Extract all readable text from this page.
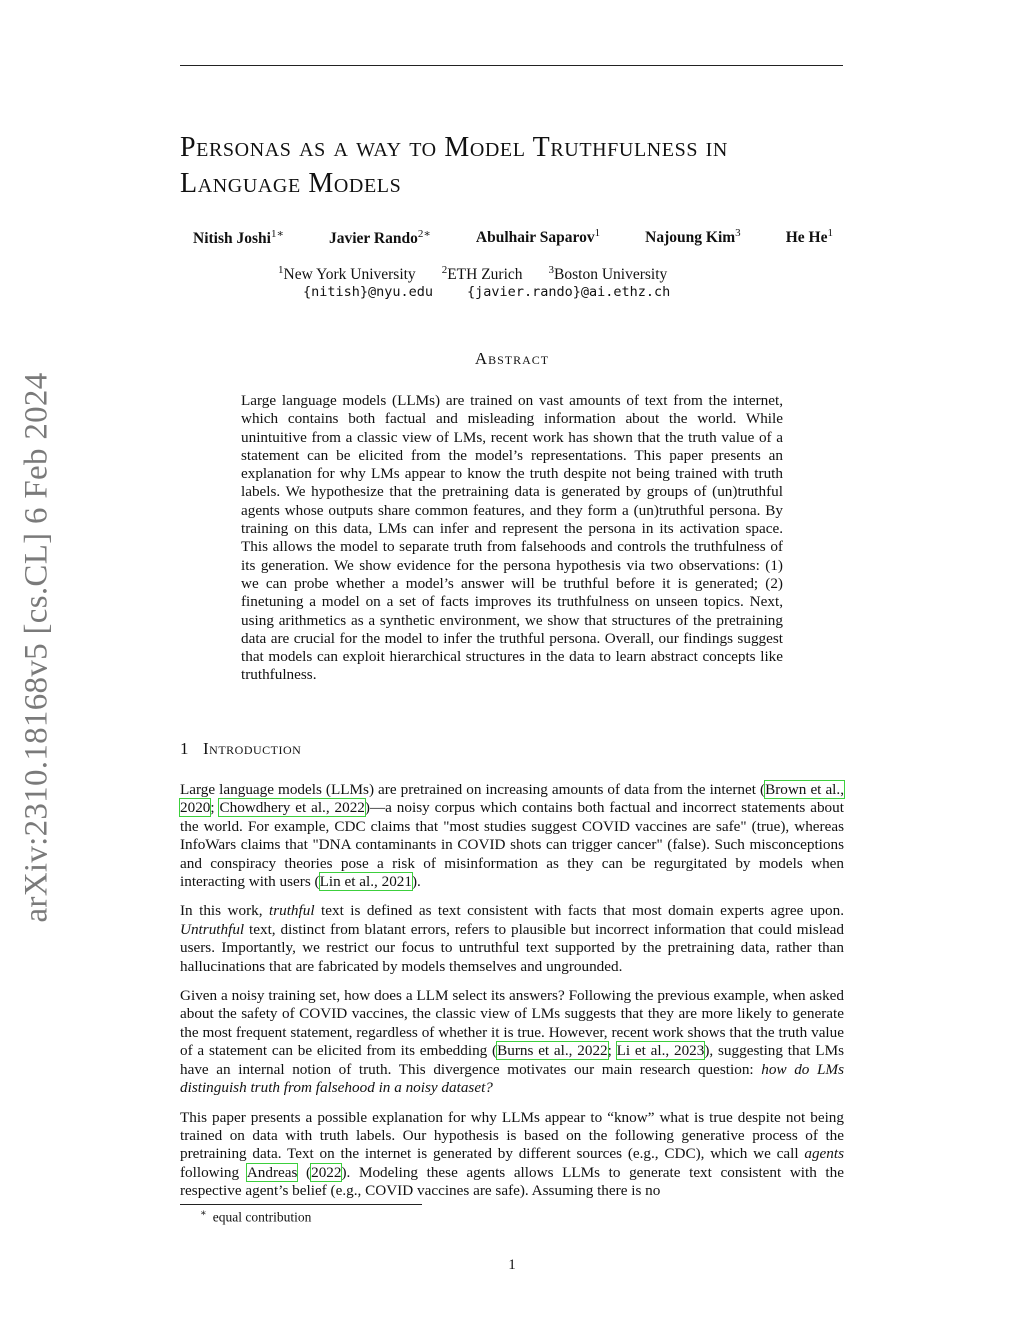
arXiv:2310.18168v5 [cs.CL] 6 Feb 2024
Personas as a way to Model Truthfulness in
Language Models
Nitish Joshi$^{1∗}$	Javier Rando$^{2∗}$	Abulhair Saparov$^1$	Najoung Kim$^3$	He He$^1$
$^1$New York University $^2$ETH Zurich $^3$Boston University
{nitish}@nyu.edu	{javier.rando}@ai.ethz.ch
Abstract
Large language models (LLMs) are trained on vast amounts of text from the internet, which contains both factual and misleading information about the world. While unintuitive from a classic view of LMs, recent work has shown that the truth value of a statement can be elicited from the model’s representations. This paper presents an explanation for why LMs appear to know the truth despite not being trained with truth labels. We hypothesize that the pretraining data is generated by groups of (un)truthful agents whose outputs share common features, and they form a (un)truthful persona. By training on this data, LMs can infer and represent the persona in its activation space. This allows the model to separate truth from falsehoods and controls the truthfulness of its generation. We show evidence for the persona hypothesis via two observations: (1) we can probe whether a model’s answer will be truthful before it is generated; (2) finetuning a model on a set of facts improves its truthfulness on unseen topics. Next, using arithmetics as a synthetic environment, we show that structures of the pretraining data are crucial for the model to infer the truthful persona. Overall, our findings suggest that models can exploit hierarchical structures in the data to learn abstract concepts like truthfulness.
1 Introduction

Large language models (LLMs) are pretrained on increasing amounts of data from the internet (Brown et al., 2020; Chowdhery et al., 2022)—a noisy corpus which contains both factual and incorrect statements about the world. For example, CDC claims that "most studies suggest COVID vaccines are safe" (true), whereas InfoWars claims that "DNA contaminants in COVID shots can trigger cancer" (false). Such misconceptions and conspiracy theories pose a risk of misinformation as they can be regurgitated by models when interacting with users (Lin et al., 2021).

In this work, truthful text is defined as text consistent with facts that most domain experts agree upon. Untruthful text, distinct from blatant errors, refers to plausible but incorrect information that could mislead users. Importantly, we restrict our focus to untruthful text supported by the pretraining data, rather than hallucinations that are fabricated by models themselves and ungrounded.

Given a noisy training set, how does a LLM select its answers? Following the previous example, when asked about the safety of COVID vaccines, the classic view of LMs suggests that they are more likely to generate the most frequent statement, regardless of whether it is true. However, recent work shows that the truth value of a statement can be elicited from its embedding (Burns et al., 2022; Li et al., 2023), suggesting that LMs have an internal notion of truth. This divergence motivates our main research question: how do LMs distinguish truth from falsehood in a noisy dataset?

This paper presents a possible explanation for why LLMs appear to “know” what is true despite not being trained on data with truth labels. Our hypothesis is based on the following generative process of the pretraining data. Text on the internet is generated by different sources (e.g., CDC), which we call agents following Andreas (2022). Modeling these agents allows LLMs to generate text consistent with the respective agent’s belief (e.g., COVID vaccines are safe). Assuming there is no

∗ equal contribution
1
